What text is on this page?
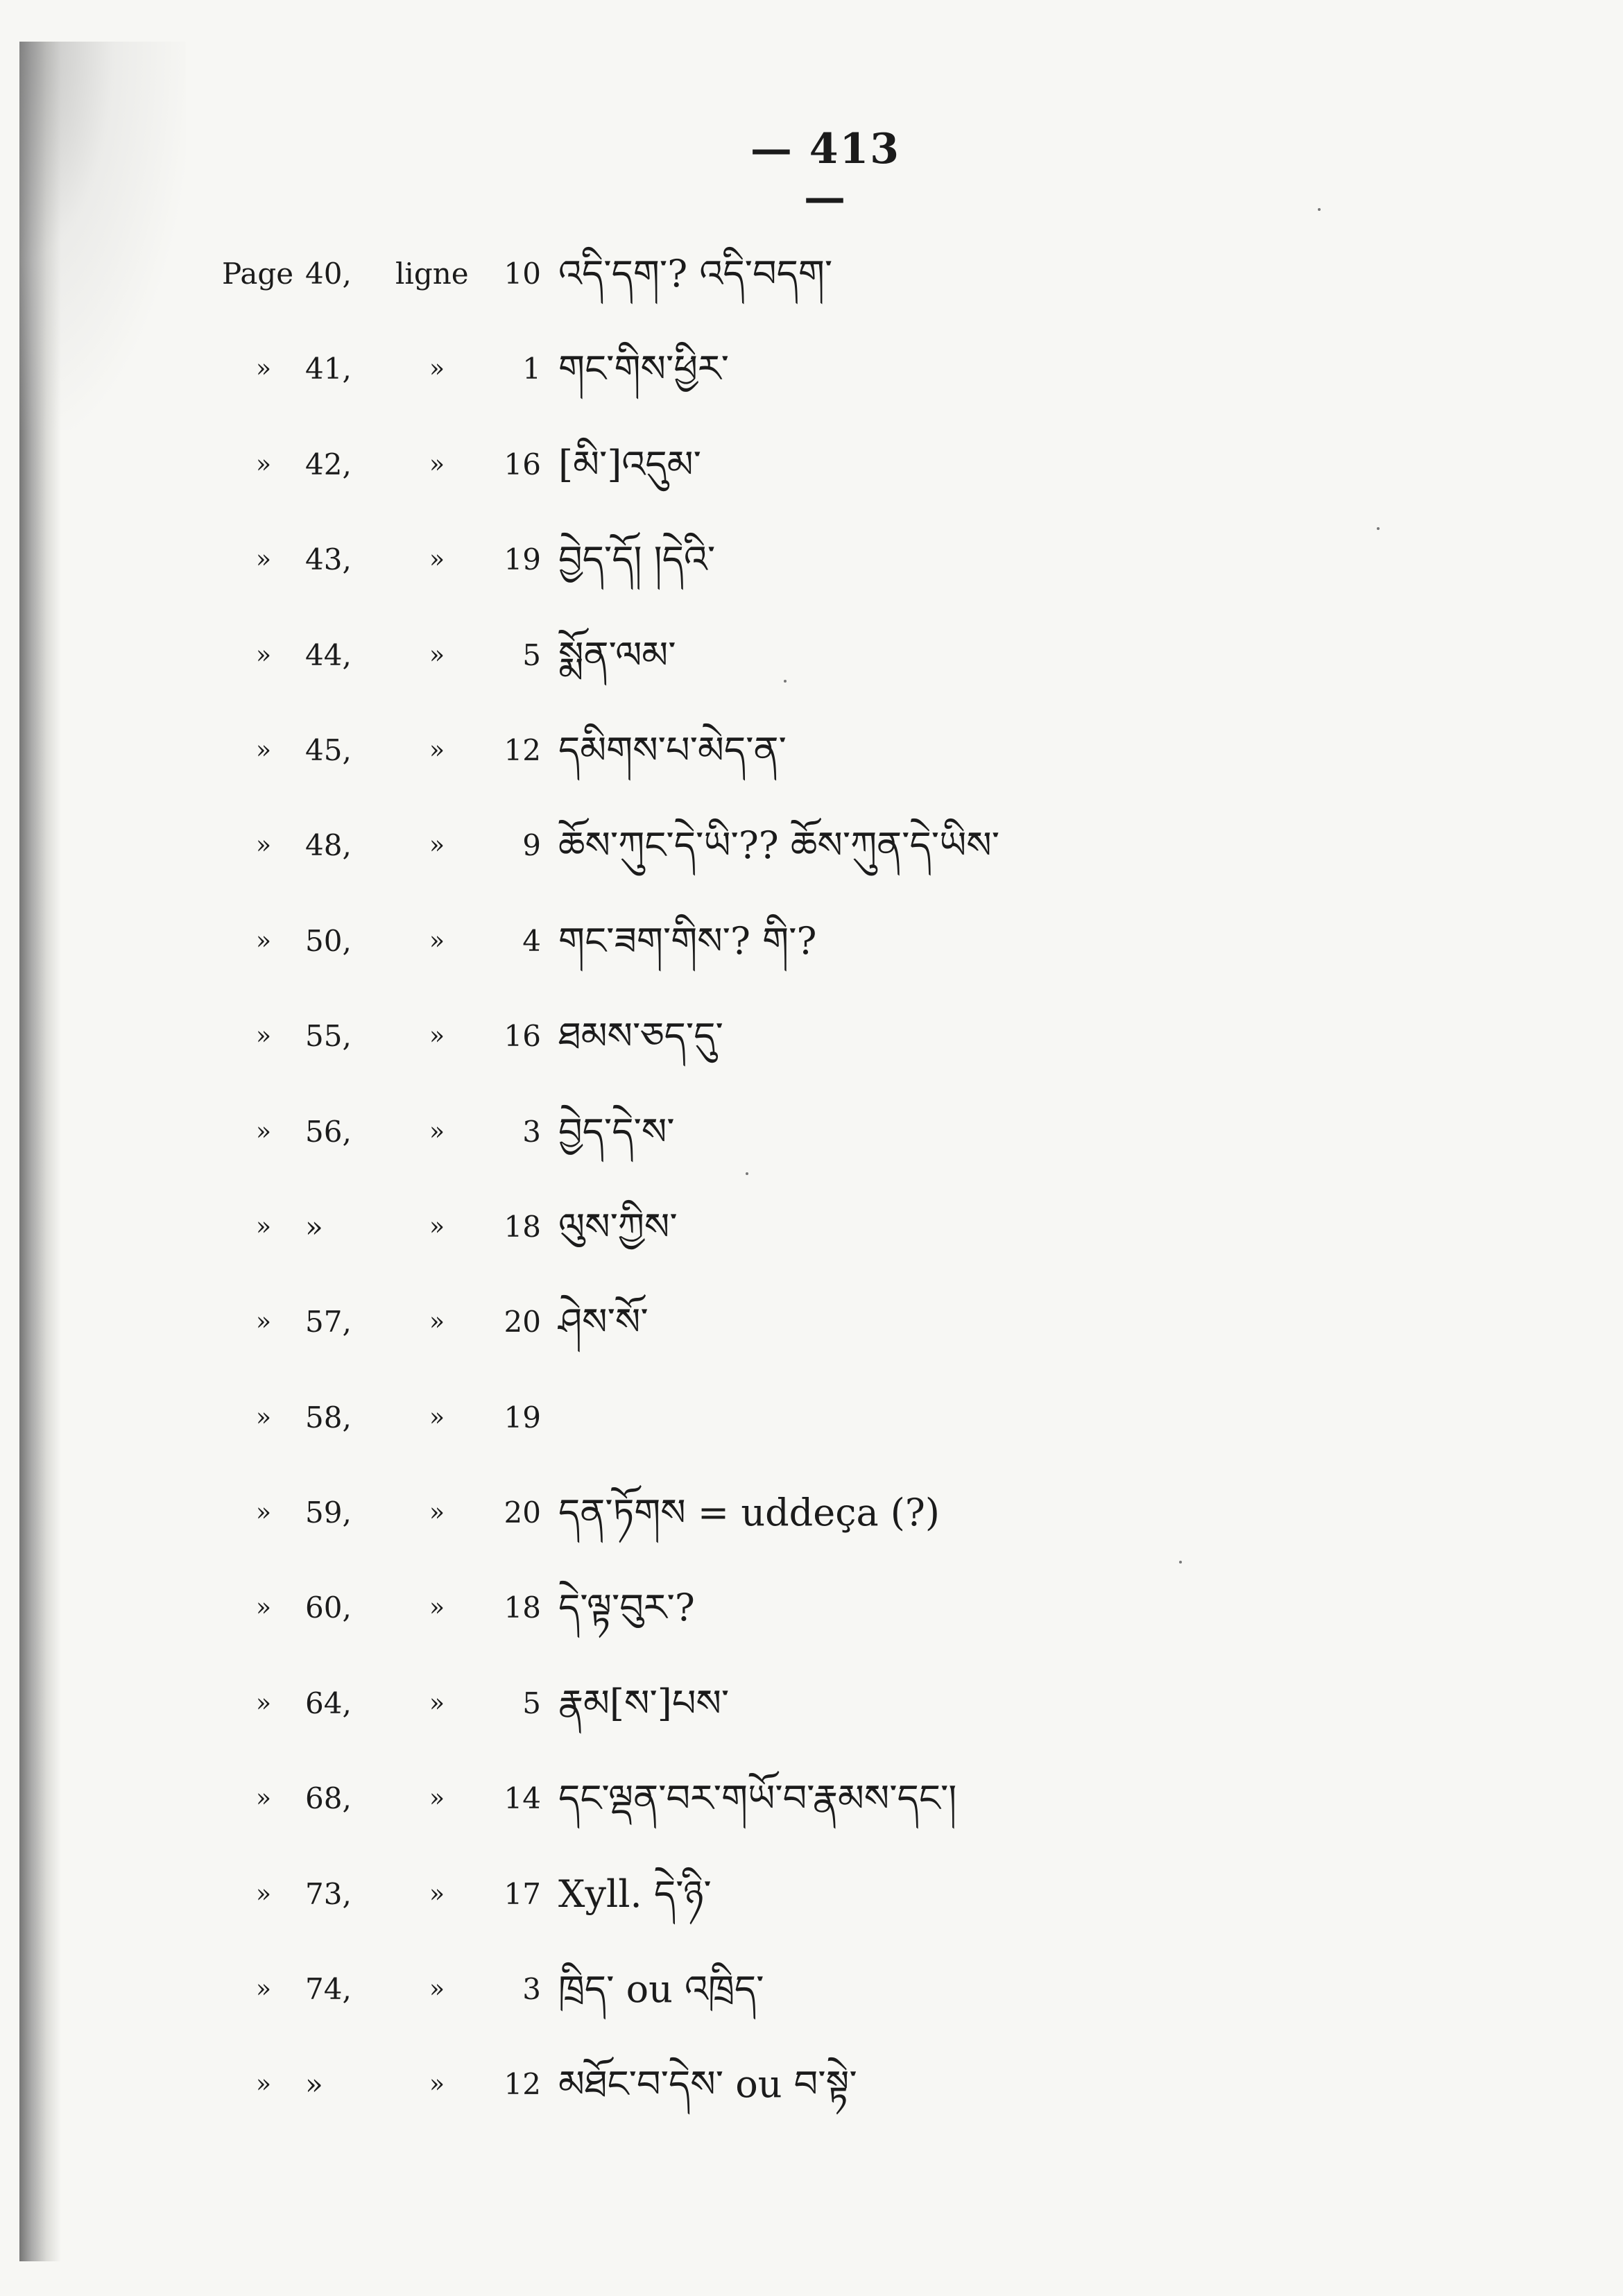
— 413 —
Page 40,	ligne	10 འདི་དག་? འདི་བདག་
» 41,	»	1 གང་གིས་ཕྱིར་
» 42,	»	16 [མི་]འདུམ་
» 43,	»	19 བྱེད་དོ། །དེའི་
» 44,	»	5 སྨོན་ལམ་
» 45,	»	12 དམིགས་པ་མེད་ན་
» 48,	»	9 ཆོས་ཀུང་དེ་ཡི་?? ཆོས་ཀུན་དེ་ཡིས་
» 50,	»	4 གང་ཟག་གིས་? གི་?
» 55,	»	16 ཐམས་ཅད་དུ་
» 56,	»	3 བྱེད་དེ་ས་
» »	»	18 ལུས་ཀྱིས་
» 57,	»	20 ཤེས་སོ་
» 58,	»	19
» 59,	»	20 དན་ཏོགས = uddeça (?)
» 60,	»	18 དེ་ལྟ་བུར་?
» 64,	»	5 རྣམ[ས་]པས་
» 68,	»	14 དང་ལྡན་བར་གཡོ་བ་རྣམས་དང་།
» 73,	»	17 Xyll. དེ་ཉི་
» 74,	»	3 ཁྲིད་ ou འཁྲིད་
» »	»	12 མཐོང་བ་དེས་ ou བ་སྟེ་
